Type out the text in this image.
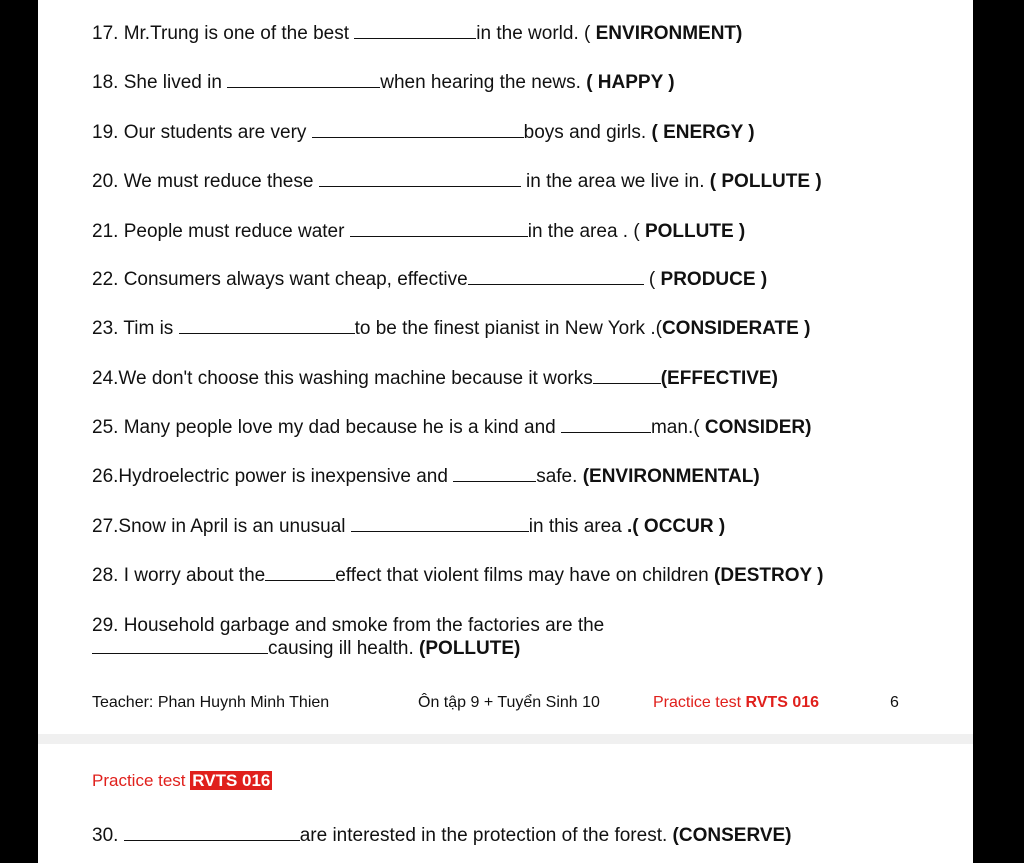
17. Mr.Trung is one of the best	in the world. ( ENVIRONMENT)
18. She lived in	when hearing the news. ( HAPPY )
19. Our students are very	boys and girls. ( ENERGY )
20. We must reduce these	in the area we live in. ( POLLUTE )
21. People must reduce water	in the area . ( POLLUTE )
22. Consumers always want cheap, effective	( PRODUCE )
23. Tim is	to be the finest pianist in New York .(CONSIDERATE )
24.We don't choose this washing machine because it works	(EFFECTIVE)
25. Many people love my dad because he is a kind and	man.( CONSIDER)
26.Hydroelectric power is inexpensive and	safe. (ENVIRONMENTAL)
27.Snow in April is an unusual	in this area .( OCCUR )
28. I worry about the	effect that violent films may have on children (DESTROY )
29. Household garbage and smoke from the factories are the
causing ill health. (POLLUTE)
Teacher: Phan Huynh Minh Thien	Ôn tập 9 + Tuyển Sinh 10	Practice test RVTS 016	6
Practice test RVTS 016
30.	are interested in the protection of the forest. (CONSERVE)
